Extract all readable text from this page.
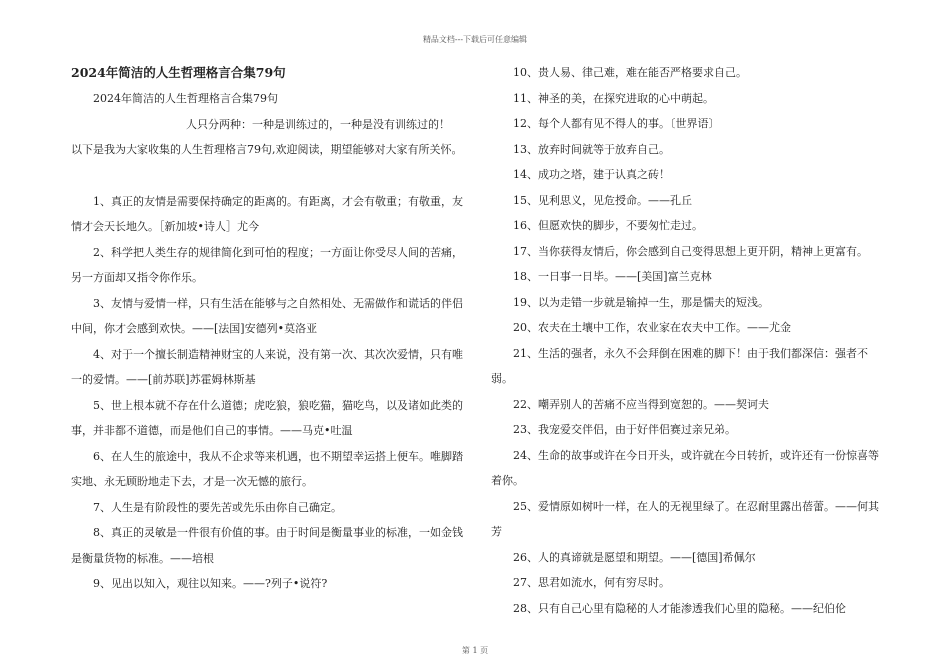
精品文档---下载后可任意编辑

2024年简洁的人生哲理格言合集79句

2024年简洁的人生哲理格言合集79句

人只分两种：一种是训练过的，一种是没有训练过的！

以下是我为大家收集的人生哲理格言79句,欢迎阅读，期望能够对大家有所关怀。

1、真正的友情是需要保持确定的距离的。有距离，才会有敬重；有敬重，友情才会天长地久。［新加坡•诗人］尤今

2、科学把人类生存的规律简化到可怕的程度；一方面让你受尽人间的苦痛，另一方面却又指令你作乐。

3、友情与爱情一样，只有生活在能够与之自然相处、无需做作和谎话的伴侣中间，你才会感到欢快。——[法国]安德列•莫洛亚

4、对于一个擅长制造精神财宝的人来说，没有第一次、其次次爱情，只有唯一的爱情。——[前苏联]苏霍姆林斯基

5、世上根本就不存在什么道德；虎吃狼，狼吃猫，猫吃鸟，以及诸如此类的事，并非都不道德，而是他们自己的事情。——马克•吐温

6、在人生的旅途中，我从不企求等来机遇，也不期望幸运搭上便车。唯脚踏实地、永无顾盼地走下去，才是一次无憾的旅行。

7、人生是有阶段性的要先苦或先乐由你自己确定。

8、真正的灵敏是一件很有价值的事。由于时间是衡量事业的标准，一如金钱是衡量货物的标准。——培根

9、见出以知入，观往以知来。——?列子•说符?

10、贵人易、律己难，难在能否严格要求自己。

11、神圣的美，在探究进取的心中萌起。

12、每个人都有见不得人的事。〔世界语〕

13、放弃时间就等于放弃自己。

14、成功之塔，建于认真之砖！

15、见利思义，见危授命。——孔丘

16、但愿欢快的脚步，不要匆忙走过。

17、当你获得友情后，你会感到自己变得思想上更开阴，精神上更富有。

18、一日事一日毕。——[美国]富兰克林

19、以为走错一步就是输掉一生，那是懦夫的短浅。

20、农夫在土壤中工作，农业家在农夫中工作。——尤金

21、生活的强者，永久不会拜倒在困难的脚下！由于我们都深信：强者不弱。

22、嘲弄别人的苦痛不应当得到宽恕的。——契诃夫

23、我宠爱交伴侣，由于好伴侣赛过亲兄弟。

24、生命的故事或许在今日开头，或许就在今日转折，或许还有一份惊喜等着你。

25、爱情原如树叶一样，在人的无视里绿了。在忍耐里露出蓓蕾。——何其芳

26、人的真谛就是愿望和期望。——[德国]希佩尔

27、思君如流水，何有穷尽时。

28、只有自己心里有隐秘的人才能渗透我们心里的隐秘。——纪伯伦

第 1 页
